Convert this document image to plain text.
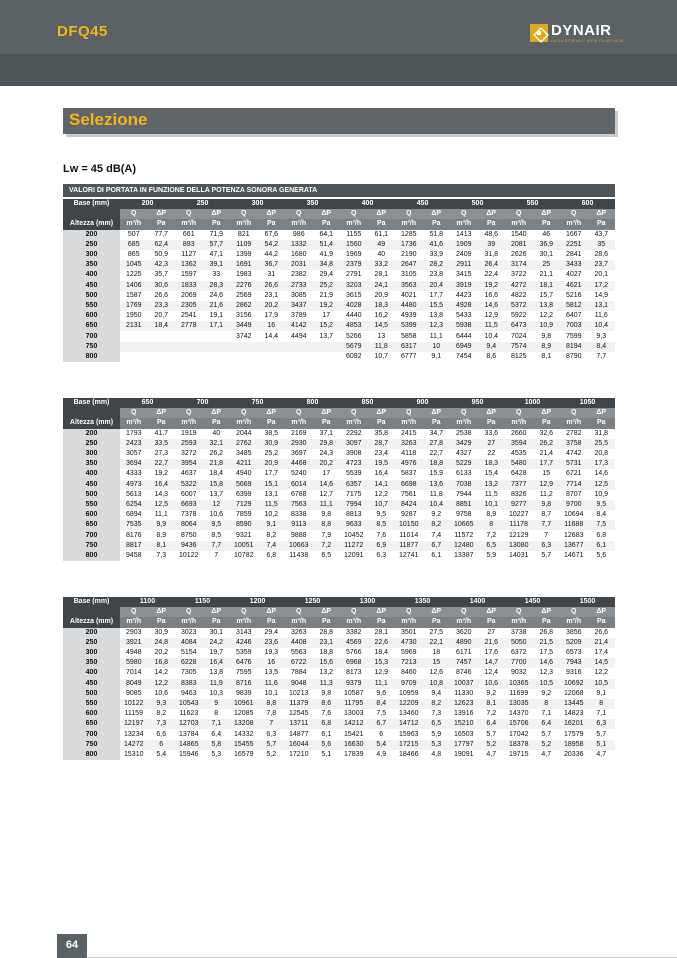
DFQ45	DYNAIR
INDUSTRIAL VENTILATION
Selezione
Lw = 45 dB(A)
VALORI DI PORTATA IN FUNZIONE DELLA POTENZA SONORA GENERATA
Base (mm)	200		250		300		350		400		450		500		550		600	
	Q	ΔP	Q	ΔP	Q	ΔP	Q	ΔP	Q	ΔP	Q	ΔP	Q	ΔP	Q	ΔP	Q	ΔP
Altezza (mm)	m³/h	Pa	m³/h	Pa	m³/h	Pa	m³/h	Pa	m³/h	Pa	m³/h	Pa	m³/h	Pa	m³/h	Pa	m³/h	Pa
200	507	77,7	661	71,9	821	67,6	986	64,1	1155	61,1	1285	51,8	1413	48,6	1540	46	1667	43,7
250	685	62,4	893	57,7	1109	54,2	1332	51,4	1560	49	1736	41,6	1909	39	2081	36,9	2251	35
300	865	50,9	1127	47,1	1399	44,2	1680	41,9	1969	40	2190	33,9	2409	31,8	2626	30,1	2841	28,6
350	1045	42,3	1362	39,1	1691	36,7	2031	34,8	2379	33,2	2647	28,2	2911	26,4	3174	25	3433	23,7
400	1225	35,7	1597	33	1983	31	2382	29,4	2791	28,1	3105	23,8	3415	22,4	3722	21,1	4027	20,1
450	1406	30,6	1833	28,3	2276	26,6	2733	25,2	3203	24,1	3563	20,4	3919	19,2	4272	18,1	4621	17,2
500	1587	26,6	2069	24,6	2569	23,1	3085	21,9	3615	20,9	4021	17,7	4423	16,6	4822	15,7	5216	14,9
550	1769	23,3	2305	21,6	2862	20,2	3437	19,2	4028	18,3	4480	15,5	4928	14,6	5372	13,8	5812	13,1
600	1950	20,7	2541	19,1	3156	17,9	3789	17	4440	16,2	4939	13,8	5433	12,9	5922	12,2	6407	11,6
650	2131	18,4	2778	17,1	3449	16	4142	15,2	4853	14,5	5399	12,3	5938	11,5	6473	10,9	7003	10,4
700					3742	14,4	4494	13,7	5266	13	5858	11,1	6444	10,4	7024	9,8	7599	9,3
750									5679	11,8	6317	10	6949	9,4	7574	8,9	8194	8,4
800									6092	10,7	6777	9,1	7454	8,6	8125	8,1	8790	7,7
Base (mm)	650		700		750		800		850		900		950		1000		1050	
	Q	ΔP	Q	ΔP	Q	ΔP	Q	ΔP	Q	ΔP	Q	ΔP	Q	ΔP	Q	ΔP	Q	ΔP
Altezza (mm)	m³/h	Pa	m³/h	Pa	m³/h	Pa	m³/h	Pa	m³/h	Pa	m³/h	Pa	m³/h	Pa	m³/h	Pa	m³/h	Pa
200	1793	41,7	1919	40	2044	38,5	2169	37,1	2292	35,8	2415	34,7	2538	33,6	2660	32,6	2782	31,8
250	2423	33,5	2593	32,1	2762	30,9	2930	29,8	3097	28,7	3263	27,8	3429	27	3594	26,2	3758	25,5
300	3057	27,3	3272	26,2	3485	25,2	3697	24,3	3908	23,4	4118	22,7	4327	22	4535	21,4	4742	20,8
350	3694	22,7	3954	21,8	4211	20,9	4468	20,2	4723	19,5	4976	18,8	5229	18,3	5480	17,7	5731	17,3
400	4333	19,2	4637	18,4	4940	17,7	5240	17	5539	16,4	5837	15,9	6133	15,4	6428	15	6721	14,6
450	4973	16,4	5322	15,8	5669	15,1	6014	14,6	6357	14,1	6698	13,6	7038	13,2	7377	12,9	7714	12,5
500	5613	14,3	6007	13,7	6399	13,1	6788	12,7	7175	12,2	7561	11,8	7944	11,5	8326	11,2	8707	10,9
550	6254	12,5	6693	12	7129	11,5	7563	11,1	7994	10,7	8424	10,4	8851	10,1	9277	9,8	9700	9,5
600	6894	11,1	7378	10,6	7859	10,2	8338	9,8	8813	9,5	9287	9,2	9758	8,9	10227	8,7	10694	8,4
650	7535	9,9	8064	9,5	8590	9,1	9113	8,8	9633	8,5	10150	8,2	10665	8	11178	7,7	11688	7,5
700	8176	8,9	8750	8,5	9321	8,2	9888	7,9	10452	7,6	11014	7,4	11572	7,2	12129	7	12683	6,8
750	8817	8,1	9436	7,7	10051	7,4	10663	7,2	11272	6,9	11877	6,7	12480	6,5	13080	6,3	13677	6,1
800	9458	7,3	10122	7	10782	6,8	11438	6,5	12091	6,3	12741	6,1	13387	5,9	14031	5,7	14671	5,6
Base (mm)	1100		1150		1200		1250		1300		1350		1400		1450		1500	
	Q	ΔP	Q	ΔP	Q	ΔP	Q	ΔP	Q	ΔP	Q	ΔP	Q	ΔP	Q	ΔP	Q	ΔP
Altezza (mm)	m³/h	Pa	m³/h	Pa	m³/h	Pa	m³/h	Pa	m³/h	Pa	m³/h	Pa	m³/h	Pa	m³/h	Pa	m³/h	Pa
200	2903	30,9	3023	30,1	3143	29,4	3263	28,8	3382	28,1	3501	27,5	3620	27	3738	26,8	3856	26,6
250	3921	24,8	4084	24,2	4246	23,6	4408	23,1	4569	22,6	4730	22,1	4890	21,6	5050	21,5	5209	21,4
300	4948	20,2	5154	19,7	5359	19,3	5563	18,8	5766	18,4	5969	18	6171	17,6	6372	17,5	6573	17,4
350	5980	16,8	6228	16,4	6476	16	6722	15,6	6968	15,3	7213	15	7457	14,7	7700	14,6	7943	14,5
400	7014	14,2	7305	13,8	7595	13,5	7884	13,2	8173	12,9	8460	12,6	8746	12,4	9032	12,3	9316	12,2
450	8049	12,2	8383	11,9	8716	11,6	9048	11,3	9379	11,1	9709	10,8	10037	10,6	10365	10,5	10692	10,5
500	9085	10,6	9463	10,3	9839	10,1	10213	9,8	10587	9,6	10959	9,4	11330	9,2	11699	9,2	12068	9,1
550	10122	9,3	10543	9	10961	8,8	11379	8,6	11795	8,4	12209	8,2	12623	8,1	13035	8	13445	8
600	11159	8,2	11623	8	12085	7,8	12545	7,6	13003	7,5	13460	7,3	13916	7,2	14370	7,1	14823	7,1
650	12197	7,3	12703	7,1	13208	7	13711	6,8	14212	6,7	14712	6,5	15210	6,4	15706	6,4	16201	6,3
700	13234	6,6	13784	6,4	14332	6,3	14877	6,1	15421	6	15963	5,9	16503	5,7	17042	5,7	17579	5,7
750	14272	6	14865	5,8	15455	5,7	16044	5,6	16630	5,4	17215	5,3	17797	5,2	18378	5,2	18958	5,1
800	15310	5,4	15946	5,3	16579	5,2	17210	5,1	17839	4,9	18466	4,8	19091	4,7	19715	4,7	20336	4,7
64
